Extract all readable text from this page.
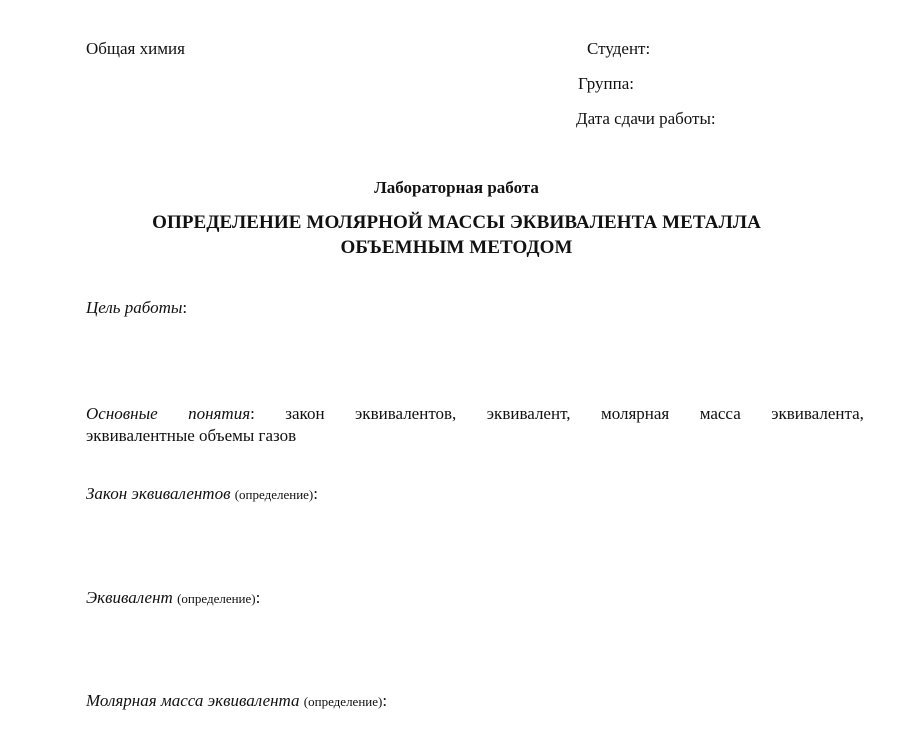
Общая химия	Студент:
Группа:
Дата сдачи работы:
Лабораторная работа
ОПРЕДЕЛЕНИЕ МОЛЯРНОЙ МАССЫ ЭКВИВАЛЕНТА МЕТАЛЛА
ОБЪЕМНЫМ МЕТОДОМ
Цель работы:
Основные понятия: закон эквивалентов, эквивалент, молярная масса эквивалента,
эквивалентные объемы газов
Закон эквивалентов (определение):
Эквивалент (определение):
Молярная масса эквивалента (определение):
